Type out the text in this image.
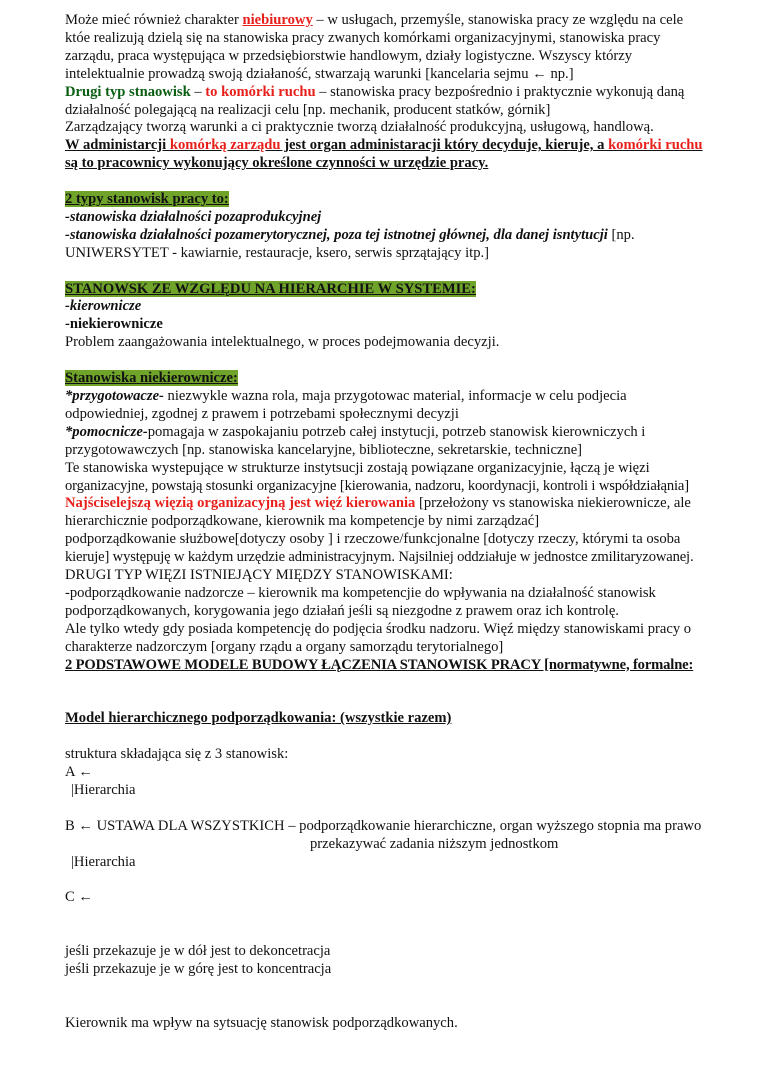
Może mieć również charakter niebiurowy – w usługach, przemyśle, stanowiska pracy ze względu na cele
któe realizują dzielą się na stanowiska pracy zwanych komórkami organizacyjnymi, stanowiska pracy
zarządu, praca występująca w przedsiębiorstwie handlowym, działy logistyczne. Wszyscy którzy
intelektualnie prowadzą swoją działaność, stwarzają warunki [kancelaria sejmu ← np.]
Drugi typ stnaowisk – to komórki ruchu – stanowiska pracy bezpośrednio i praktycznie wykonują daną
działalność polegającą na realizacji celu [np. mechanik, producent statków, górnik]
Zarządzający tworzą warunki a ci praktycznie tworzą działalność produkcyjną, usługową, handlową.
W administarcji komórką zarządu jest organ administaracji który decyduje, kieruje, a komórki ruchu
są to pracownicy wykonujący określone czynności w urzędzie pracy.
2 typy stanowisk pracy to:
-stanowiska działalności pozaprodukcyjnej
-stanowiska działalności pozamerytorycznej, poza tej istnotnej głównej, dla danej isntytucji [np.
UNIWERSYTET - kawiarnie, restauracje, ksero, serwis sprzątający itp.]
STANOWSK ZE WZGLĘDU NA HIERARCHIE W SYSTEMIE:
-kierownicze
-niekierownicze
Problem zaangażowania intelektualnego, w proces podejmowania decyzji.
Stanowiska niekierownicze:
*przygotowacze- niezwykle wazna rola, maja przygotowac material, informacje w celu podjecia
odpowiedniej, zgodnej z prawem i potrzebami społecznymi decyzji
*pomocnicze-pomagaja w zaspokajaniu potrzeb całej instytucji, potrzeb stanowisk kierowniczych i
przygotowawczych [np. stanowiska kancelaryjne, biblioteczne, sekretarskie, techniczne]
Te stanowiska wystepujące w strukturze instytsucji zostają powiązane organizacyjnie, łączą je więzi
organizacyjne, powstają stosunki organizacyjne [kierowania, nadzoru, koordynacji, kontroli i współdziałąnia]
Najściselejszą więzią organizacyjną jest więź kierowania [przełożony vs stanowiska niekierownicze, ale
hierarchicznie podporządkowane, kierownik ma kompetencje by nimi zarządzać]
podporządkowanie służbowe[dotyczy osoby ] i rzeczowe/funkcjonalne [dotyczy rzeczy, którymi ta osoba
kieruje] występuję w każdym urzędzie administracyjnym. Najsilniej oddziałuje w jednostce zmilitaryzowanej.
DRUGI TYP WIĘZI ISTNIEJĄCY MIĘDZY STANOWISKAMI:
-podporządkowanie nadzorcze – kierownik ma kompetencjie do wpływania na działalność stanowisk
podporządkowanych, korygowania jego działań jeśli są niezgodne z prawem oraz ich kontrolę.
Ale tylko wtedy gdy posiada kompetencję do podjęcia środku nadzoru. Więź między stanowiskami pracy o
charakterze nadzorczym [organy rządu a organy samorządu terytorialnego]
2 PODSTAWOWE MODELE BUDOWY ŁĄCZENIA STANOWISK PRACY [normatywne, formalne:
Model hierarchicznego podporządkowania: (wszystkie razem)
struktura składająca się z 3 stanowisk:
A ←
|Hierarchia
B ← USTAWA DLA WSZYSTKICH – podporządkowanie hierarchiczne, organ wyższego stopnia ma prawo
przekazywać zadania niższym jednostkom
|Hierarchia
C ←
jeśli przekazuje je w dół jest to dekoncetracja
jeśli przekazuje je w górę jest to koncentracja
Kierownik ma wpływ na sytsuację stanowisk podporządkowanych.
